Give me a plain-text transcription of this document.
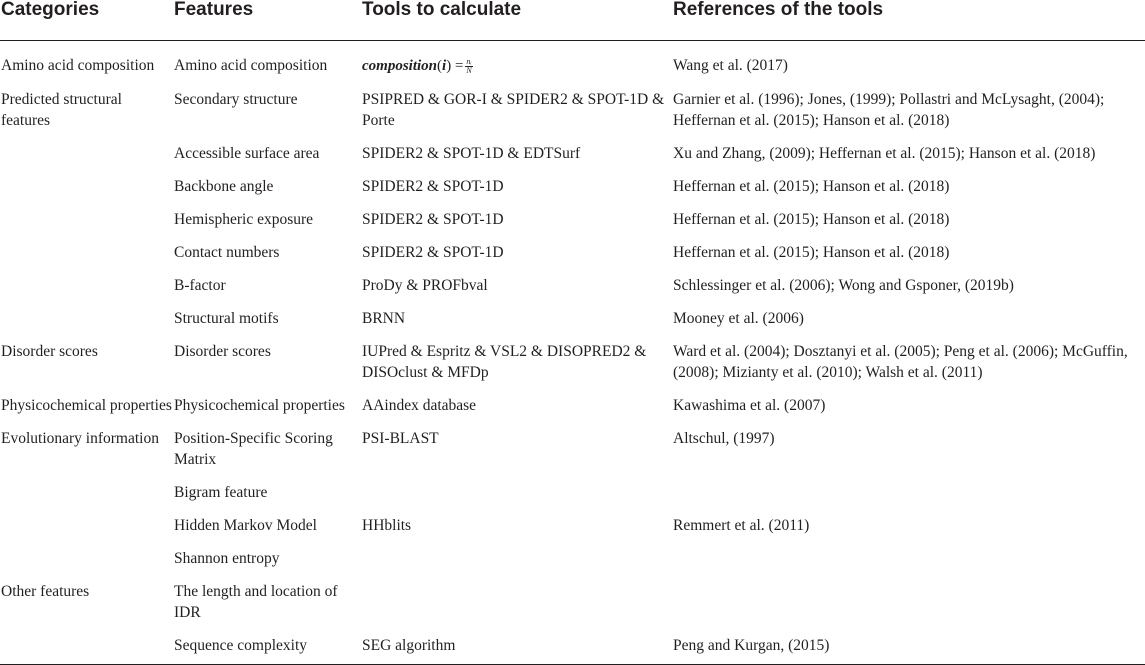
Categories	Features	Tools to calculate	References of the tools
Amino acid composition	Amino acid composition	composition(i) = $\frac{\text{nᵢ}}{N}$	Wang et al. (2017)
Predicted structural features	Secondary structure	PSIPRED & GOR-I & SPIDER2 & SPOT-1D & Porte	Garnier et al. (1996); Jones, (1999); Pollastri and McLysaght, (2004); Heffernan et al. (2015); Hanson et al. (2018)
	Accessible surface area	SPIDER2 & SPOT-1D & EDTSurf	Xu and Zhang, (2009); Heffernan et al. (2015); Hanson et al. (2018)
	Backbone angle	SPIDER2 & SPOT-1D	Heffernan et al. (2015); Hanson et al. (2018)
	Hemispheric exposure	SPIDER2 & SPOT-1D	Heffernan et al. (2015); Hanson et al. (2018)
	Contact numbers	SPIDER2 & SPOT-1D	Heffernan et al. (2015); Hanson et al. (2018)
	B-factor	ProDy & PROFbval	Schlessinger et al. (2006); Wong and Gsponer, (2019b)
	Structural motifs	BRNN	Mooney et al. (2006)
Disorder scores	Disorder scores	IUPred & Espritz & VSL2 & DISOPRED2 & DISOclust & MFDp	Ward et al. (2004); Dosztanyi et al. (2005); Peng et al. (2006); McGuffin, (2008); Mizianty et al. (2010); Walsh et al. (2011)
Physicochemical properties	Physicochemical properties	AAindex database	Kawashima et al. (2007)
Evolutionary information	Position-Specific Scoring Matrix	PSI-BLAST	Altschul, (1997)
	Bigram feature		
	Hidden Markov Model	HHblits	Remmert et al. (2011)
	Shannon entropy		
Other features	The length and location of IDR		
	Sequence complexity	SEG algorithm	Peng and Kurgan, (2015)
